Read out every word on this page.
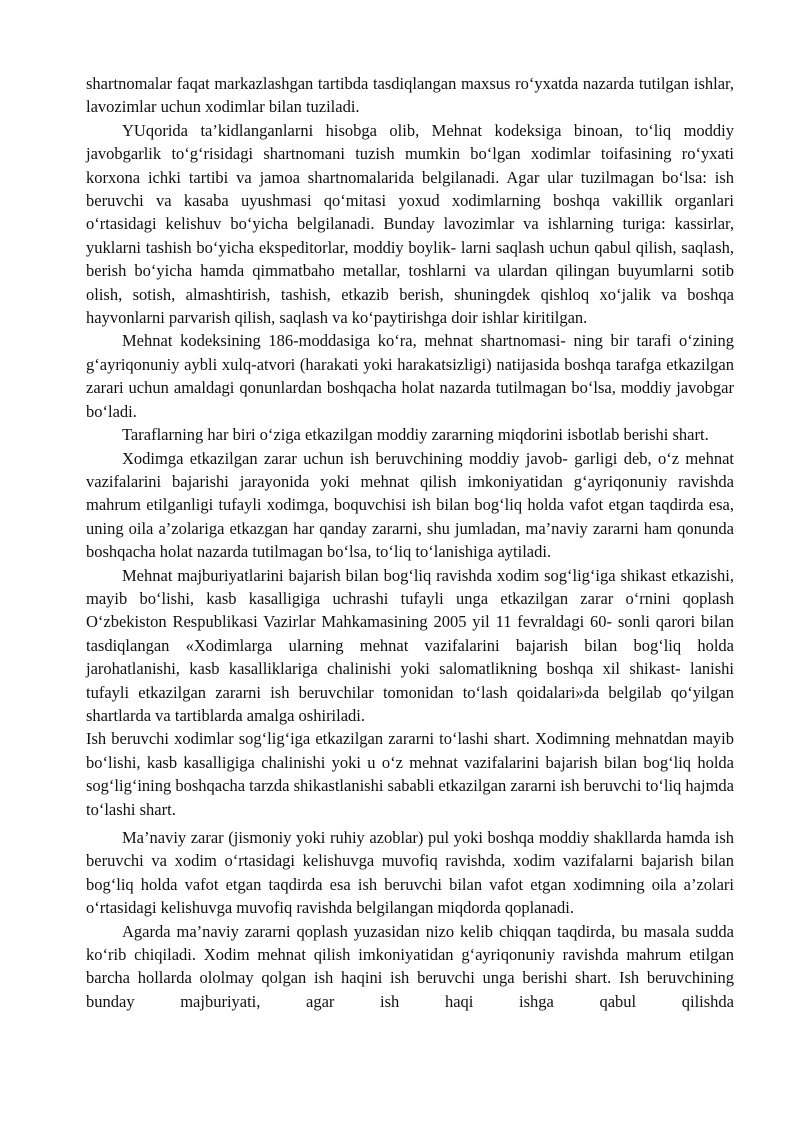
shartnomalar faqat markazlashgan tartibda tasdiqlangan maxsus ro‘yxatda nazarda tutilgan ishlar, lavozimlar uchun xodimlar bilan tuziladi.

YUqorida ta’kidlanganlarni hisobga olib, Mehnat kodeksiga binoan, to‘liq moddiy javobgarlik to‘g‘risidagi shartnomani tuzish mumkin bo‘lgan xodimlar toifasining ro‘yxati korxona ichki tartibi va jamoa shartnomalarida belgilanadi. Agar ular tuzilmagan bo‘lsa: ish beruvchi va kasaba uyushmasi qo‘mitasi yoxud xodimlarning boshqa vakillik organlari o‘rtasidagi kelishuv bo‘yicha belgilanadi. Bunday lavozimlar va ishlarning turiga: kassirlar, yuklarni tashish bo‘yicha ekspeditorlar, moddiy boylik- larni saqlash uchun qabul qilish, saqlash, berish bo‘yicha hamda qimmatbaho metallar, toshlarni va ulardan qilingan buyumlarni sotib olish, sotish, almashtirish, tashish, etkazib berish, shuningdek qishloq xo‘jalik va boshqa hayvonlarni parvarish qilish, saqlash va ko‘paytirishga doir ishlar kiritilgan.

Mehnat kodeksining 186-moddasiga ko‘ra, mehnat shartnomasi- ning bir tarafi o‘zining g‘ayriqonuniy aybli xulq-atvori (harakati yoki harakatsizligi) natijasida boshqa tarafga etkazilgan zarari uchun amaldagi qonunlardan boshqacha holat nazarda tutilmagan bo‘lsa, moddiy javobgar bo‘ladi.

Taraflarning har biri o‘ziga etkazilgan moddiy zararning miqdorini isbotlab berishi shart.

Xodimga etkazilgan zarar uchun ish beruvchining moddiy javob- garligi deb, o‘z mehnat vazifalarini bajarishi jarayonida yoki mehnat qilish imkoniyatidan g‘ayriqonuniy ravishda mahrum etilganligi tufayli xodimga, boquvchisi ish bilan bog‘liq holda vafot etgan taqdirda esa, uning oila a’zolariga etkazgan har qanday zararni, shu jumladan, ma’naviy zararni ham qonunda boshqacha holat nazarda tutilmagan bo‘lsa, to‘liq to‘lanishiga aytiladi.

Mehnat majburiyatlarini bajarish bilan bog‘liq ravishda xodim sog‘lig‘iga shikast etkazishi, mayib bo‘lishi, kasb kasalligiga uchrashi tufayli unga etkazilgan zarar o‘rnini qoplash O‘zbekiston Respublikasi Vazirlar Mahkamasining 2005 yil 11 fevraldagi 60- sonli qarori bilan tasdiqlangan «Xodimlarga ularning mehnat vazifalarini bajarish bilan bog‘liq holda jarohatlanishi, kasb kasalliklariga chalinishi yoki salomatlikning boshqa xil shikast- lanishi tufayli etkazilgan zararni ish beruvchilar tomonidan to‘lash qoidalari»da belgilab qo‘yilgan shartlarda va tartiblarda amalga oshiriladi.

Ish beruvchi xodimlar sog‘lig‘iga etkazilgan zararni to‘lashi shart. Xodimning mehnatdan mayib bo‘lishi, kasb kasalligiga chalinishi yoki u o‘z mehnat vazifalarini bajarish bilan bog‘liq holda sog‘lig‘ining boshqacha tarzda shikastlanishi sababli etkazilgan zararni ish beruvchi to‘liq hajmda to‘lashi shart.

Ma’naviy zarar (jismoniy yoki ruhiy azoblar) pul yoki boshqa moddiy shakllarda hamda ish beruvchi va xodim o‘rtasidagi kelishuvga muvofiq ravishda, xodim vazifalarni bajarish bilan bog‘liq holda vafot etgan taqdirda esa ish beruvchi bilan vafot etgan xodimning oila a’zolari o‘rtasidagi kelishuvga muvofiq ravishda belgilangan miqdorda qoplanadi.

Agarda ma’naviy zararni qoplash yuzasidan nizo kelib chiqqan taqdirda, bu masala sudda ko‘rib chiqiladi. Xodim mehnat qilish imkoniyatidan g‘ayriqonuniy ravishda mahrum etilgan barcha hollarda ololmay qolgan ish haqini ish beruvchi unga berishi shart. Ish beruvchining bunday majburiyati, agar ish haqi ishga qabul qilishda
